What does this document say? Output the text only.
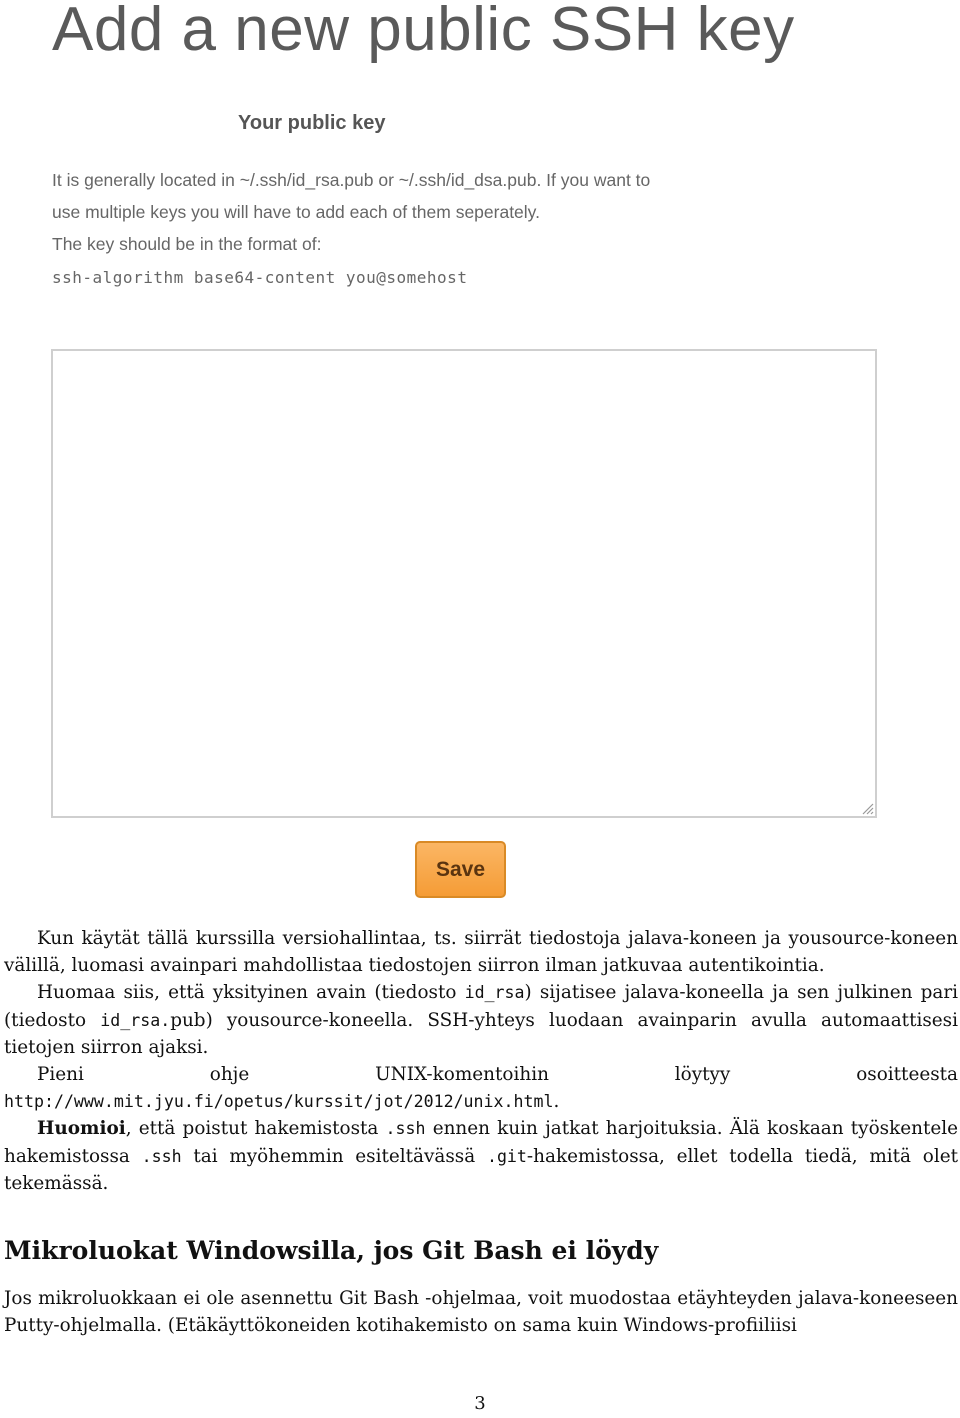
Add a new public SSH key
Your public key

It is generally located in ~/.ssh/id_rsa.pub or ~/.ssh/id_dsa.pub. If you want to use multiple keys you will have to add each of them seperately.

The key should be in the format of:

ssh-algorithm base64-content you@somehost

Save

Kun käytät tällä kurssilla versiohallintaa, ts. siirrät tiedostoja jalava-koneen ja yousource-koneen välillä, luomasi avainpari mahdollistaa tiedostojen siirron ilman jatkuvaa autentikointia.

Huomaa siis, että yksityinen avain (tiedosto id_rsa) sijatisee jalava-koneella ja sen julkinen pari (tiedosto id_rsa.pub) yousource-koneella. SSH-yhteys luodaan avainparin avulla automaattisesi tietojen siirron ajaksi.

Pieni ohje UNIX-komentoihin löytyy osoitteesta http://www.mit.jyu.fi/opetus/kurssit/jot/2012/unix.html.

Huomioi, että poistut hakemistosta .ssh ennen kuin jatkat harjoituksia. Älä koskaan työskentele hakemistossa .ssh tai myöhemmin esiteltävässä .git-hakemistossa, ellet todella tiedä, mitä olet tekemässä.

Mikroluokat Windowsilla, jos Git Bash ei löydy

Jos mikroluokkaan ei ole asennettu Git Bash -ohjelmaa, voit muodostaa etäyhteyden jalava-koneeseen Putty-ohjelmalla. (Etäkäyttökoneiden kotihakemisto on sama kuin Windows-profiiliisi

3
